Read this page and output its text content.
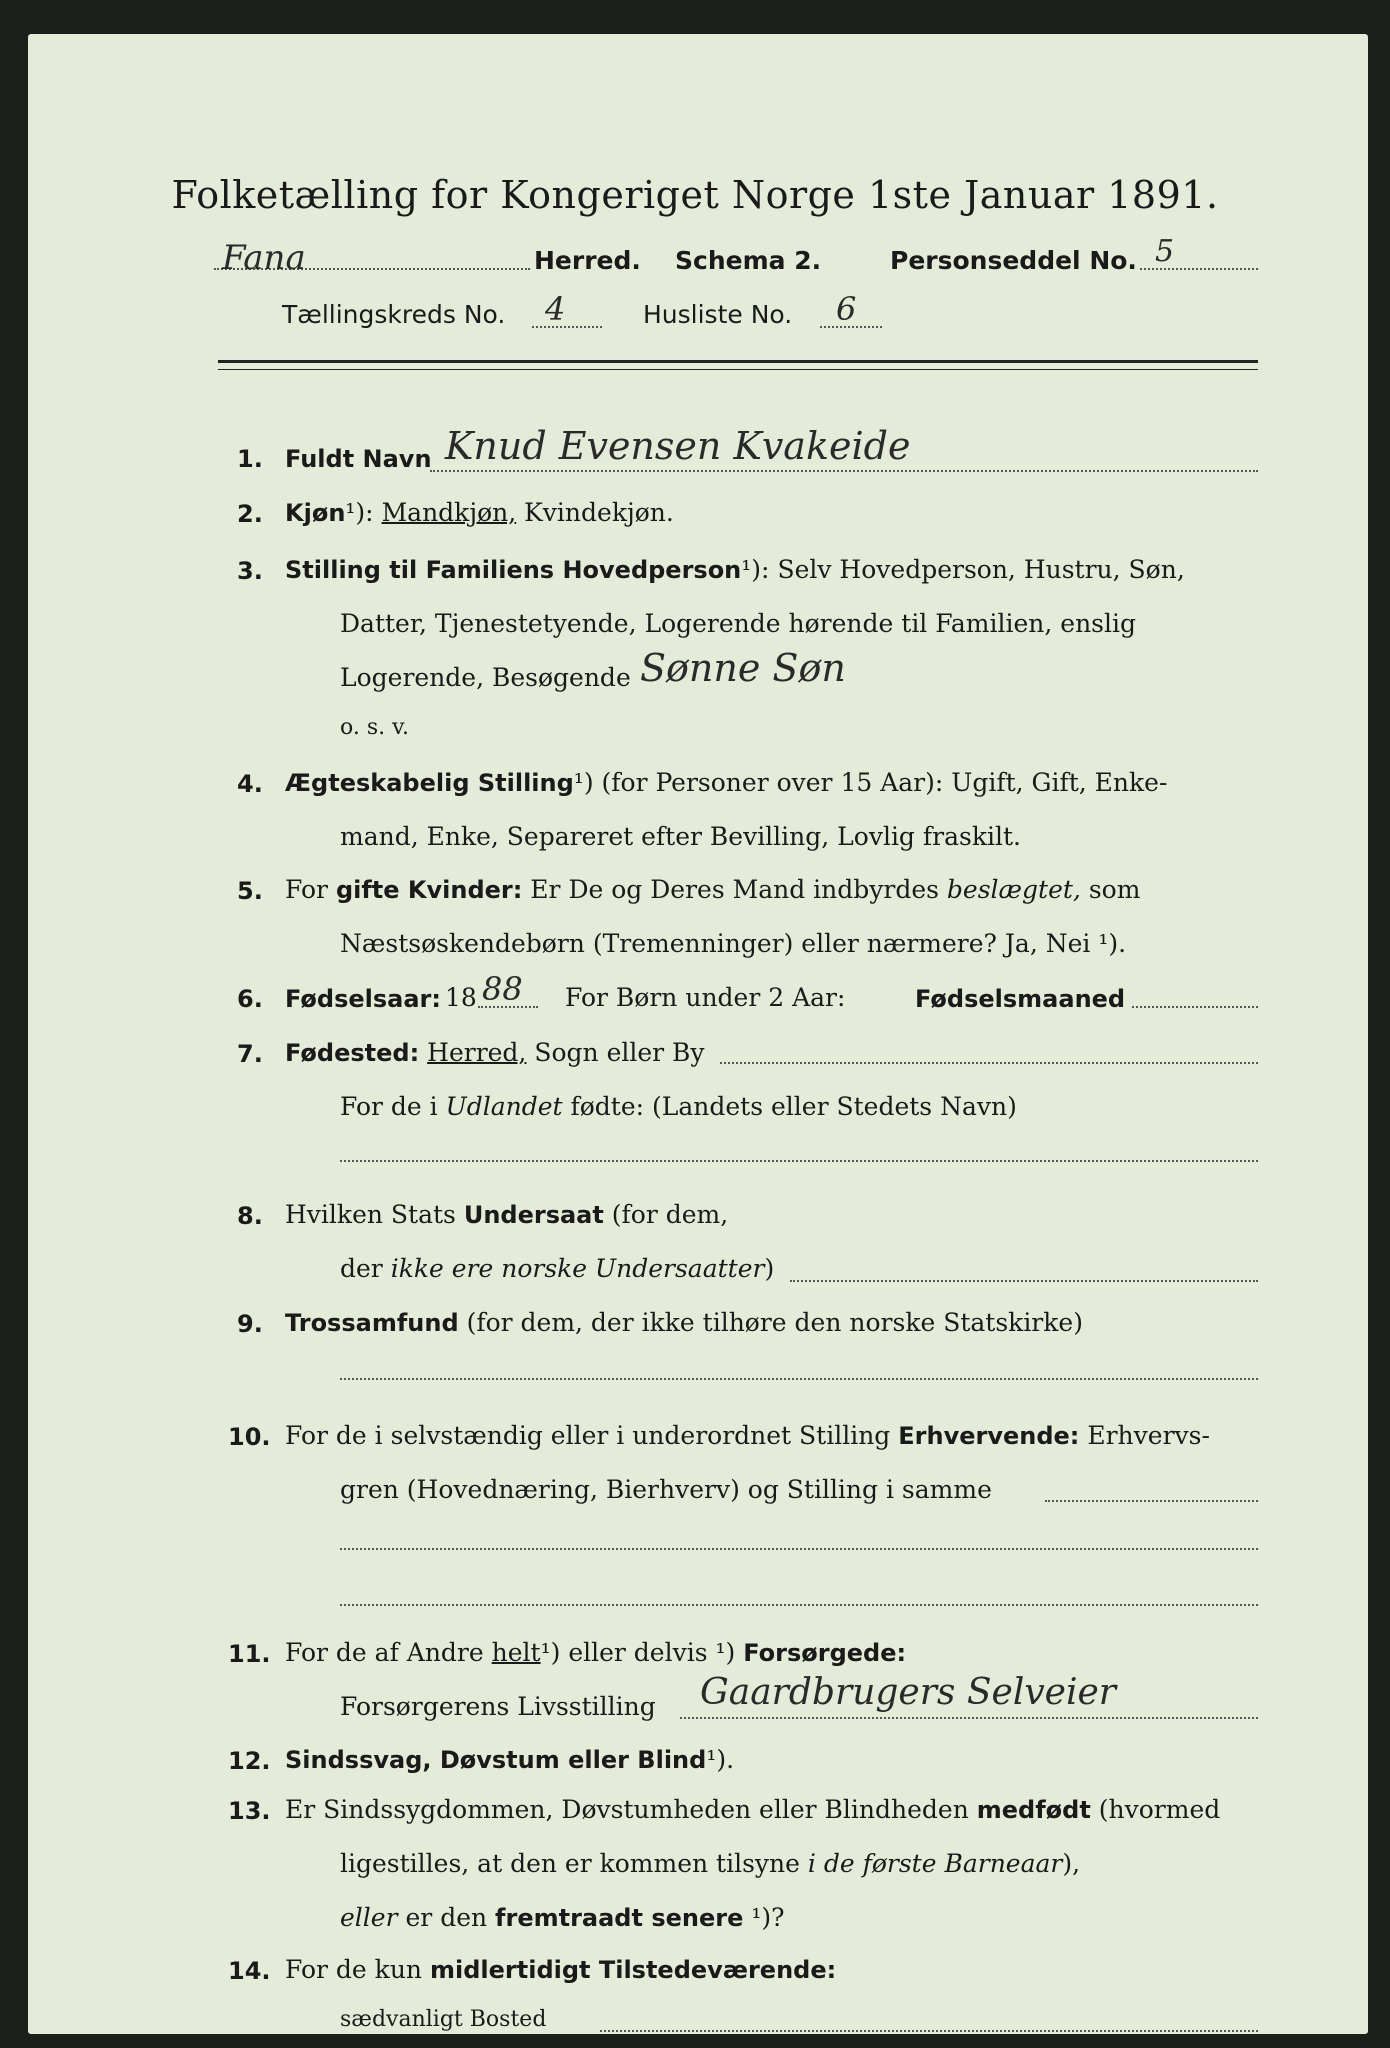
Folketælling for Kongeriget Norge 1ste Januar 1891.
Fana	Herred. Schema 2.	Personseddel No. 5
Tællingskreds No. 4	Husliste No. 6
1. Fuldt Navn Knud Evensen Kvakeide
2. Kjøn¹): Mandkjøn, Kvindekjøn.
3. Stilling til Familiens Hovedperson¹): Selv Hovedperson, Hustru, Søn,
Datter, Tjenestetyende, Logerende hørende til Familien, enslig
Logerende, Besøgende Sønne Søn
o. s. v.
4. Ægteskabelig Stilling¹) (for Personer over 15 Aar): Ugift, Gift, Enke-
mand, Enke, Separeret efter Bevilling, Lovlig fraskilt.
5. For gifte Kvinder: Er De og Deres Mand indbyrdes beslægtet, som
Næstsøskendebørn (Tremenninger) eller nærmere? Ja, Nei ¹).
6. Fødselsaar: 18 88 For Børn under 2 Aar:	Fødselsmaaned
7. Fødested: Herred, Sogn eller By
For de i Udlandet fødte: (Landets eller Stedets Navn)
8. Hvilken Stats Undersaat (for dem,
der ikke ere norske Undersaatter)
9. Trossamfund (for dem, der ikke tilhøre den norske Statskirke)
10. For de i selvstændig eller i underordnet Stilling Erhvervende: Erhvervs-
gren (Hovednæring, Bierhverv) og Stilling i samme
11. For de af Andre helt¹) eller delvis ¹) Forsørgede:
Forsørgerens Livsstilling Gaardbrugers Selveier
12. Sindssvag, Døvstum eller Blind¹).
13. Er Sindssygdommen, Døvstumheden eller Blindheden medfødt (hvormed
ligestilles, at den er kommen tilsyne i de første Barneaar),
eller er den fremtraadt senere ¹)?
14. For de kun midlertidigt Tilstedeværende:
sædvanligt Bosted
